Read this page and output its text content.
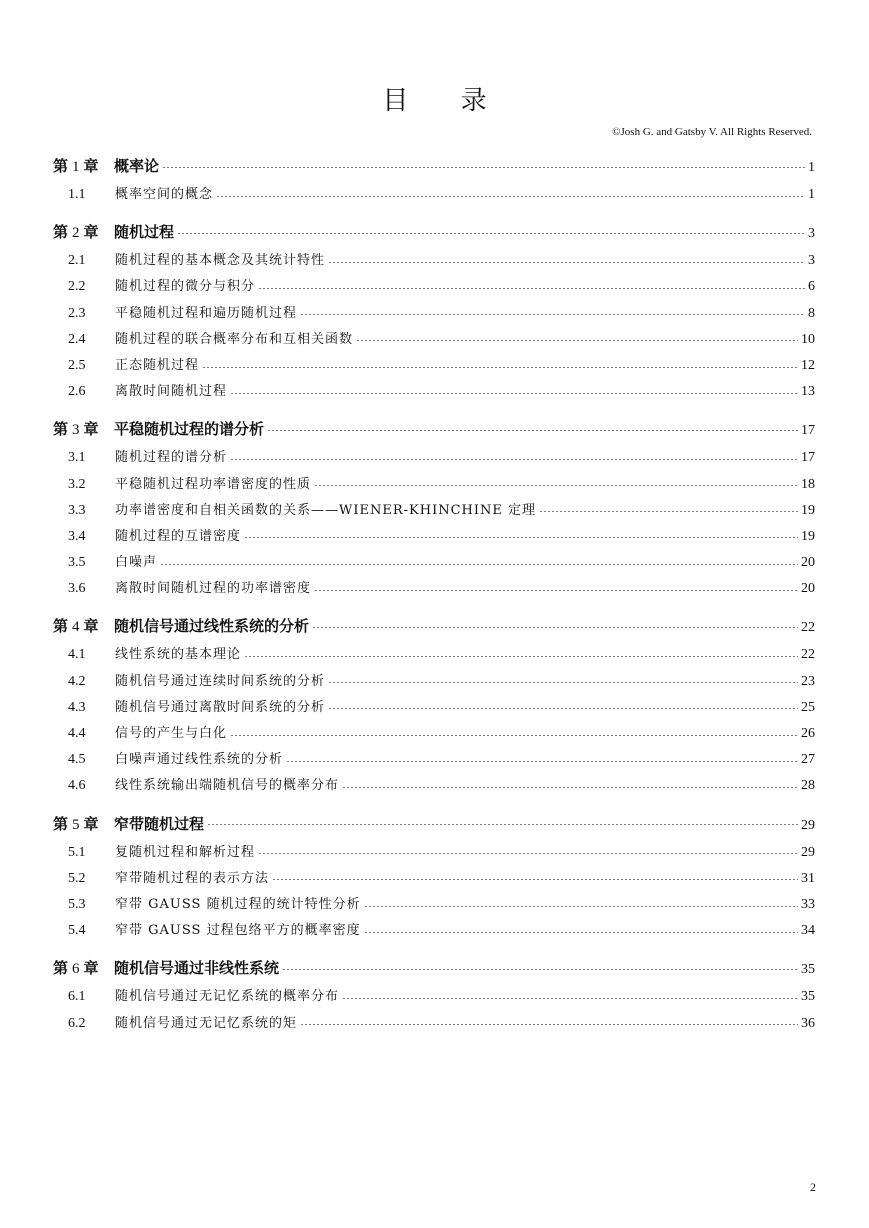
目 录
©Josh G. and Gatsby V. All Rights Reserved.
第 1 章	概率论	1
1.1	概率空间的概念	1
第 2 章	随机过程	3
2.1	随机过程的基本概念及其统计特性	3
2.2	随机过程的微分与积分	6
2.3	平稳随机过程和遍历随机过程	8
2.4	随机过程的联合概率分布和互相关函数	10
2.5	正态随机过程	12
2.6	离散时间随机过程	13
第 3 章	平稳随机过程的谱分析	17
3.1	随机过程的谱分析	17
3.2	平稳随机过程功率谱密度的性质	18
3.3	功率谱密度和自相关函数的关系——WIENER-KHINCHINE 定理	19
3.4	随机过程的互谱密度	19
3.5	白噪声	20
3.6	离散时间随机过程的功率谱密度	20
第 4 章	随机信号通过线性系统的分析	22
4.1	线性系统的基本理论	22
4.2	随机信号通过连续时间系统的分析	23
4.3	随机信号通过离散时间系统的分析	25
4.4	信号的产生与白化	26
4.5	白噪声通过线性系统的分析	27
4.6	线性系统输出端随机信号的概率分布	28
第 5 章	窄带随机过程	29
5.1	复随机过程和解析过程	29
5.2	窄带随机过程的表示方法	31
5.3	窄带 GAUSS 随机过程的统计特性分析	33
5.4	窄带 GAUSS 过程包络平方的概率密度	34
第 6 章	随机信号通过非线性系统	35
6.1	随机信号通过无记忆系统的概率分布	35
6.2	随机信号通过无记忆系统的矩	36
2
